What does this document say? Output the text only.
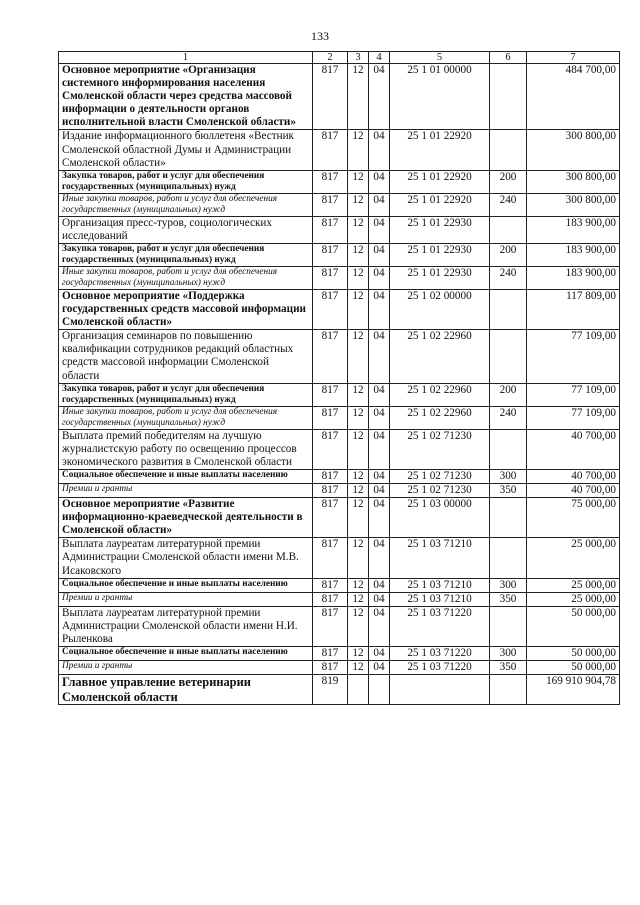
133
1	2	3	4	5	6	7
Основное мероприятие «Организация системного информирования населения Смоленской области через средства массовой информации о деятельности органов исполнительной власти Смоленской области»	817	12	04	25 1 01 00000		484 700,00
Издание информационного бюллетеня «Вестник Смоленской областной Думы и Администрации Смоленской области»	817	12	04	25 1 01 22920		300 800,00
Закупка товаров, работ и услуг для обеспечения государственных (муниципальных) нужд	817	12	04	25 1 01 22920	200	300 800,00
Иные закупки товаров, работ и услуг для обеспечения государственных (муниципальных) нужд	817	12	04	25 1 01 22920	240	300 800,00
Организация пресс-туров, социологических исследований	817	12	04	25 1 01 22930		183 900,00
Закупка товаров, работ и услуг для обеспечения государственных (муниципальных) нужд	817	12	04	25 1 01 22930	200	183 900,00
Иные закупки товаров, работ и услуг для обеспечения государственных (муниципальных) нужд	817	12	04	25 1 01 22930	240	183 900,00
Основное мероприятие «Поддержка государственных средств массовой информации Смоленской области»	817	12	04	25 1 02 00000		117 809,00
Организация семинаров по повышению квалификации сотрудников редакций областных средств массовой информации Смоленской области	817	12	04	25 1 02 22960		77 109,00
Закупка товаров, работ и услуг для обеспечения государственных (муниципальных) нужд	817	12	04	25 1 02 22960	200	77 109,00
Иные закупки товаров, работ и услуг для обеспечения государственных (муниципальных) нужд	817	12	04	25 1 02 22960	240	77 109,00
Выплата премий победителям на лучшую журналистскую работу по освещению процессов экономического развития в Смоленской области	817	12	04	25 1 02 71230		40 700,00
Социальное обеспечение и иные выплаты населению	817	12	04	25 1 02 71230	300	40 700,00
Премии и гранты	817	12	04	25 1 02 71230	350	40 700,00
Основное мероприятие «Развитие информационно-краеведческой деятельности в Смоленской области»	817	12	04	25 1 03 00000		75 000,00
Выплата лауреатам литературной премии Администрации Смоленской области имени М.В. Исаковского	817	12	04	25 1 03 71210		25 000,00
Социальное обеспечение и иные выплаты населению	817	12	04	25 1 03 71210	300	25 000,00
Премии и гранты	817	12	04	25 1 03 71210	350	25 000,00
Выплата лауреатам литературной премии Администрации Смоленской области имени Н.И. Рыленкова	817	12	04	25 1 03 71220		50 000,00
Социальное обеспечение и иные выплаты населению	817	12	04	25 1 03 71220	300	50 000,00
Премии и гранты	817	12	04	25 1 03 71220	350	50 000,00
Главное управление ветеринарии Смоленской области	819					169 910 904,78
